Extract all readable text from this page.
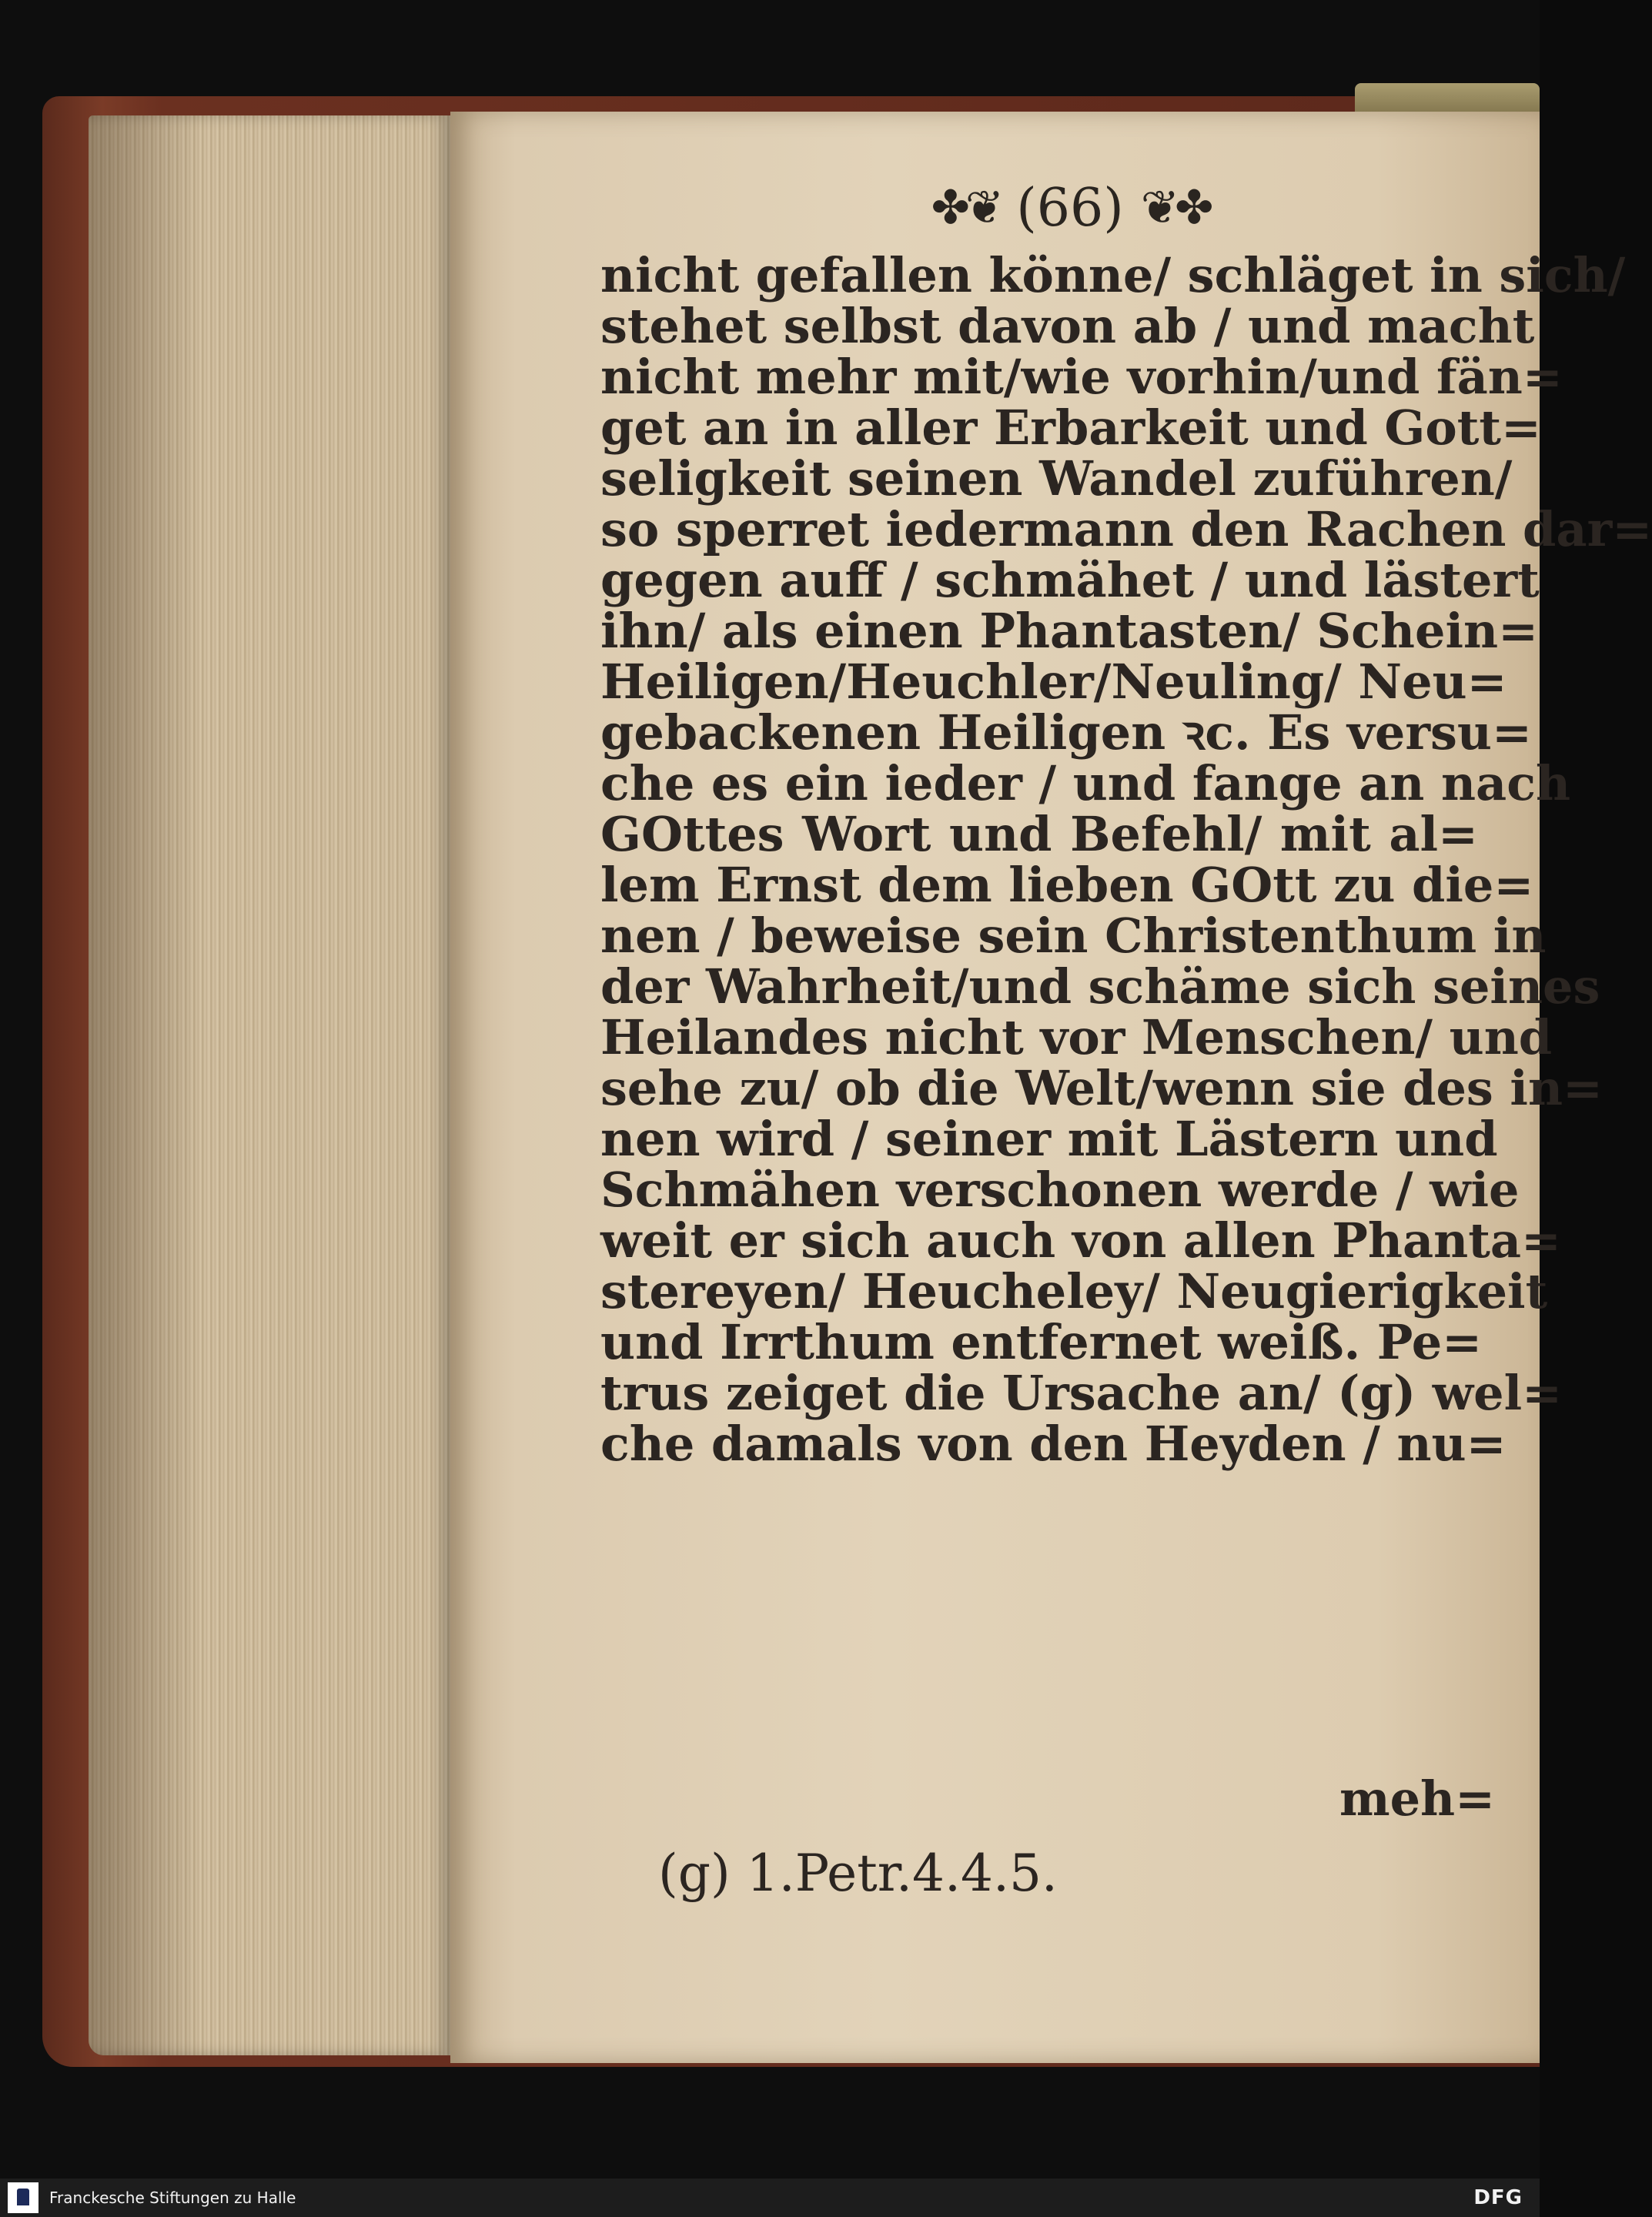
✤❦ (66) ❦✤
nicht gefallen könne/ schläget in sich/
stehet selbst davon ab / und macht
nicht mehr mit/wie vorhin/und fän=
get an in aller Erbarkeit und Gott=
seligkeit seinen Wandel zuführen/
so sperret iedermann den Rachen dar=
gegen auff / schmähet / und lästert
ihn/ als einen Phantasten/ Schein=
Heiligen/Heuchler/Neuling/ Neu=
gebackenen Heiligen ꝛc. Es versu=
che es ein ieder / und fange an nach
GOttes Wort und Befehl/ mit al=
lem Ernst dem lieben GOtt zu die=
nen / beweise sein Christenthum in
der Wahrheit/und schäme sich seines
Heilandes nicht vor Menschen/ und
sehe zu/ ob die Welt/wenn sie des in=
nen wird / seiner mit Lästern und
Schmähen verschonen werde / wie
weit er sich auch von allen Phanta=
stereyen/ Heucheley/ Neugierigkeit
und Irrthum entfernet weiß. Pe=
trus zeiget die Ursache an/ (g) wel=
che damals von den Heyden / nu=
meh=
(g) 1.Petr.4.4.5.
Franckesche Stiftungen zu Halle	DFG
